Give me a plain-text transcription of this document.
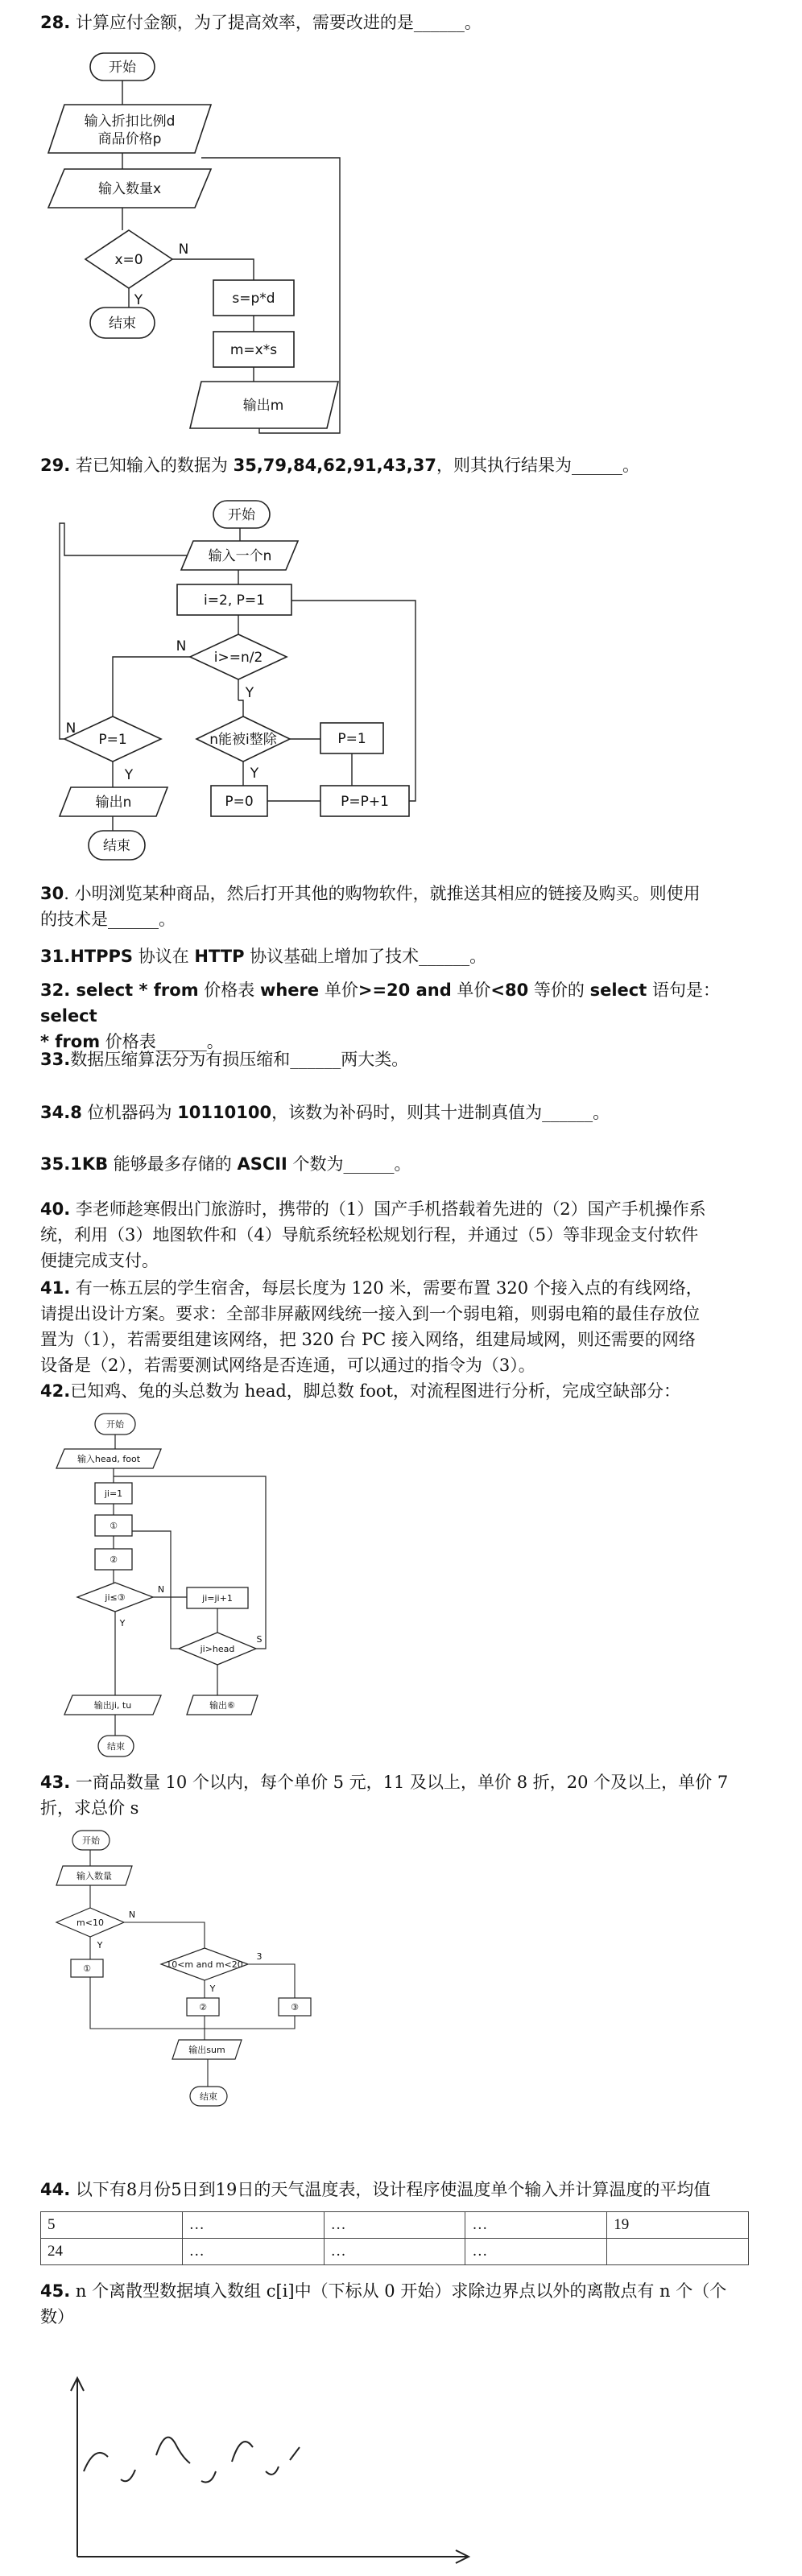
28. 计算应付金额，为了提高效率，需要改进的是______。

开始
输入折扣比例d
商品价格p
输入数量x
x=0
结束
s=p*d
m=x*s
输出m
N
Y

29. 若已知输入的数据为 35,79,84,62,91,43,37，则其执行结果为______。

开始
输入一个n
i=2, P=1
i>=n/2
P=1	n能被i整除	P=1
P=0	P=P+1
输出n
结束
N
N
Y
Y	Y

30. 小明浏览某种商品，然后打开其他的购物软件，就推送其相应的链接及购买。则使用
的技术是______。

31.HTPPS 协议在 HTTP 协议基础上增加了技术______。

32. select * from 价格表 where 单价>=20 and 单价<80 等价的 select 语句是：select
* from 价格表______。

33.数据压缩算法分为有损压缩和______两大类。

34.8 位机器码为 10110100，该数为补码时，则其十进制真值为______。

35.1KB 能够最多存储的 ASCII 个数为______。

40. 李老师趁寒假出门旅游时，携带的（1）国产手机搭载着先进的（2）国产手机操作系
统，利用（3）地图软件和（4）导航系统轻松规划行程，并通过（5）等非现金支付软件
便捷完成支付。

41. 有一栋五层的学生宿舍，每层长度为 120 米，需要布置 320 个接入点的有线网络，
请提出设计方案。要求：全部非屏蔽网线统一接入到一个弱电箱，则弱电箱的最佳存放位
置为（1），若需要组建该网络，把 320 台 PC 接入网络，组建局域网，则还需要的网络
设备是（2），若需要测试网络是否连通，可以通过的指令为（3）。

42.已知鸡、兔的头总数为 head，脚总数 foot，对流程图进行分析，完成空缺部分：

开始
输入head, foot
ji=1
①
②
ji≤③	ji=ji+1
ji>head
输出ji, tu	输出⑥
结束
N
Y
S

43. 一商品数量 10 个以内，每个单价 5 元，11 及以上，单价 8 折，20 个及以上，单价 7
折，求总价 s

开始
输入数量
m<10
①	10<m and m<20
②	③
输出sum
结束
N
Y
Y
3

44. 以下有8月份5日到19日的天气温度表，设计程序使温度单个输入并计算温度的平均值

5	…	…	…	19
24	…	…	…	

45. n 个离散型数据填入数组 c[i]中（下标从 0 开始）求除边界点以外的离散点有 n 个（个
数）
